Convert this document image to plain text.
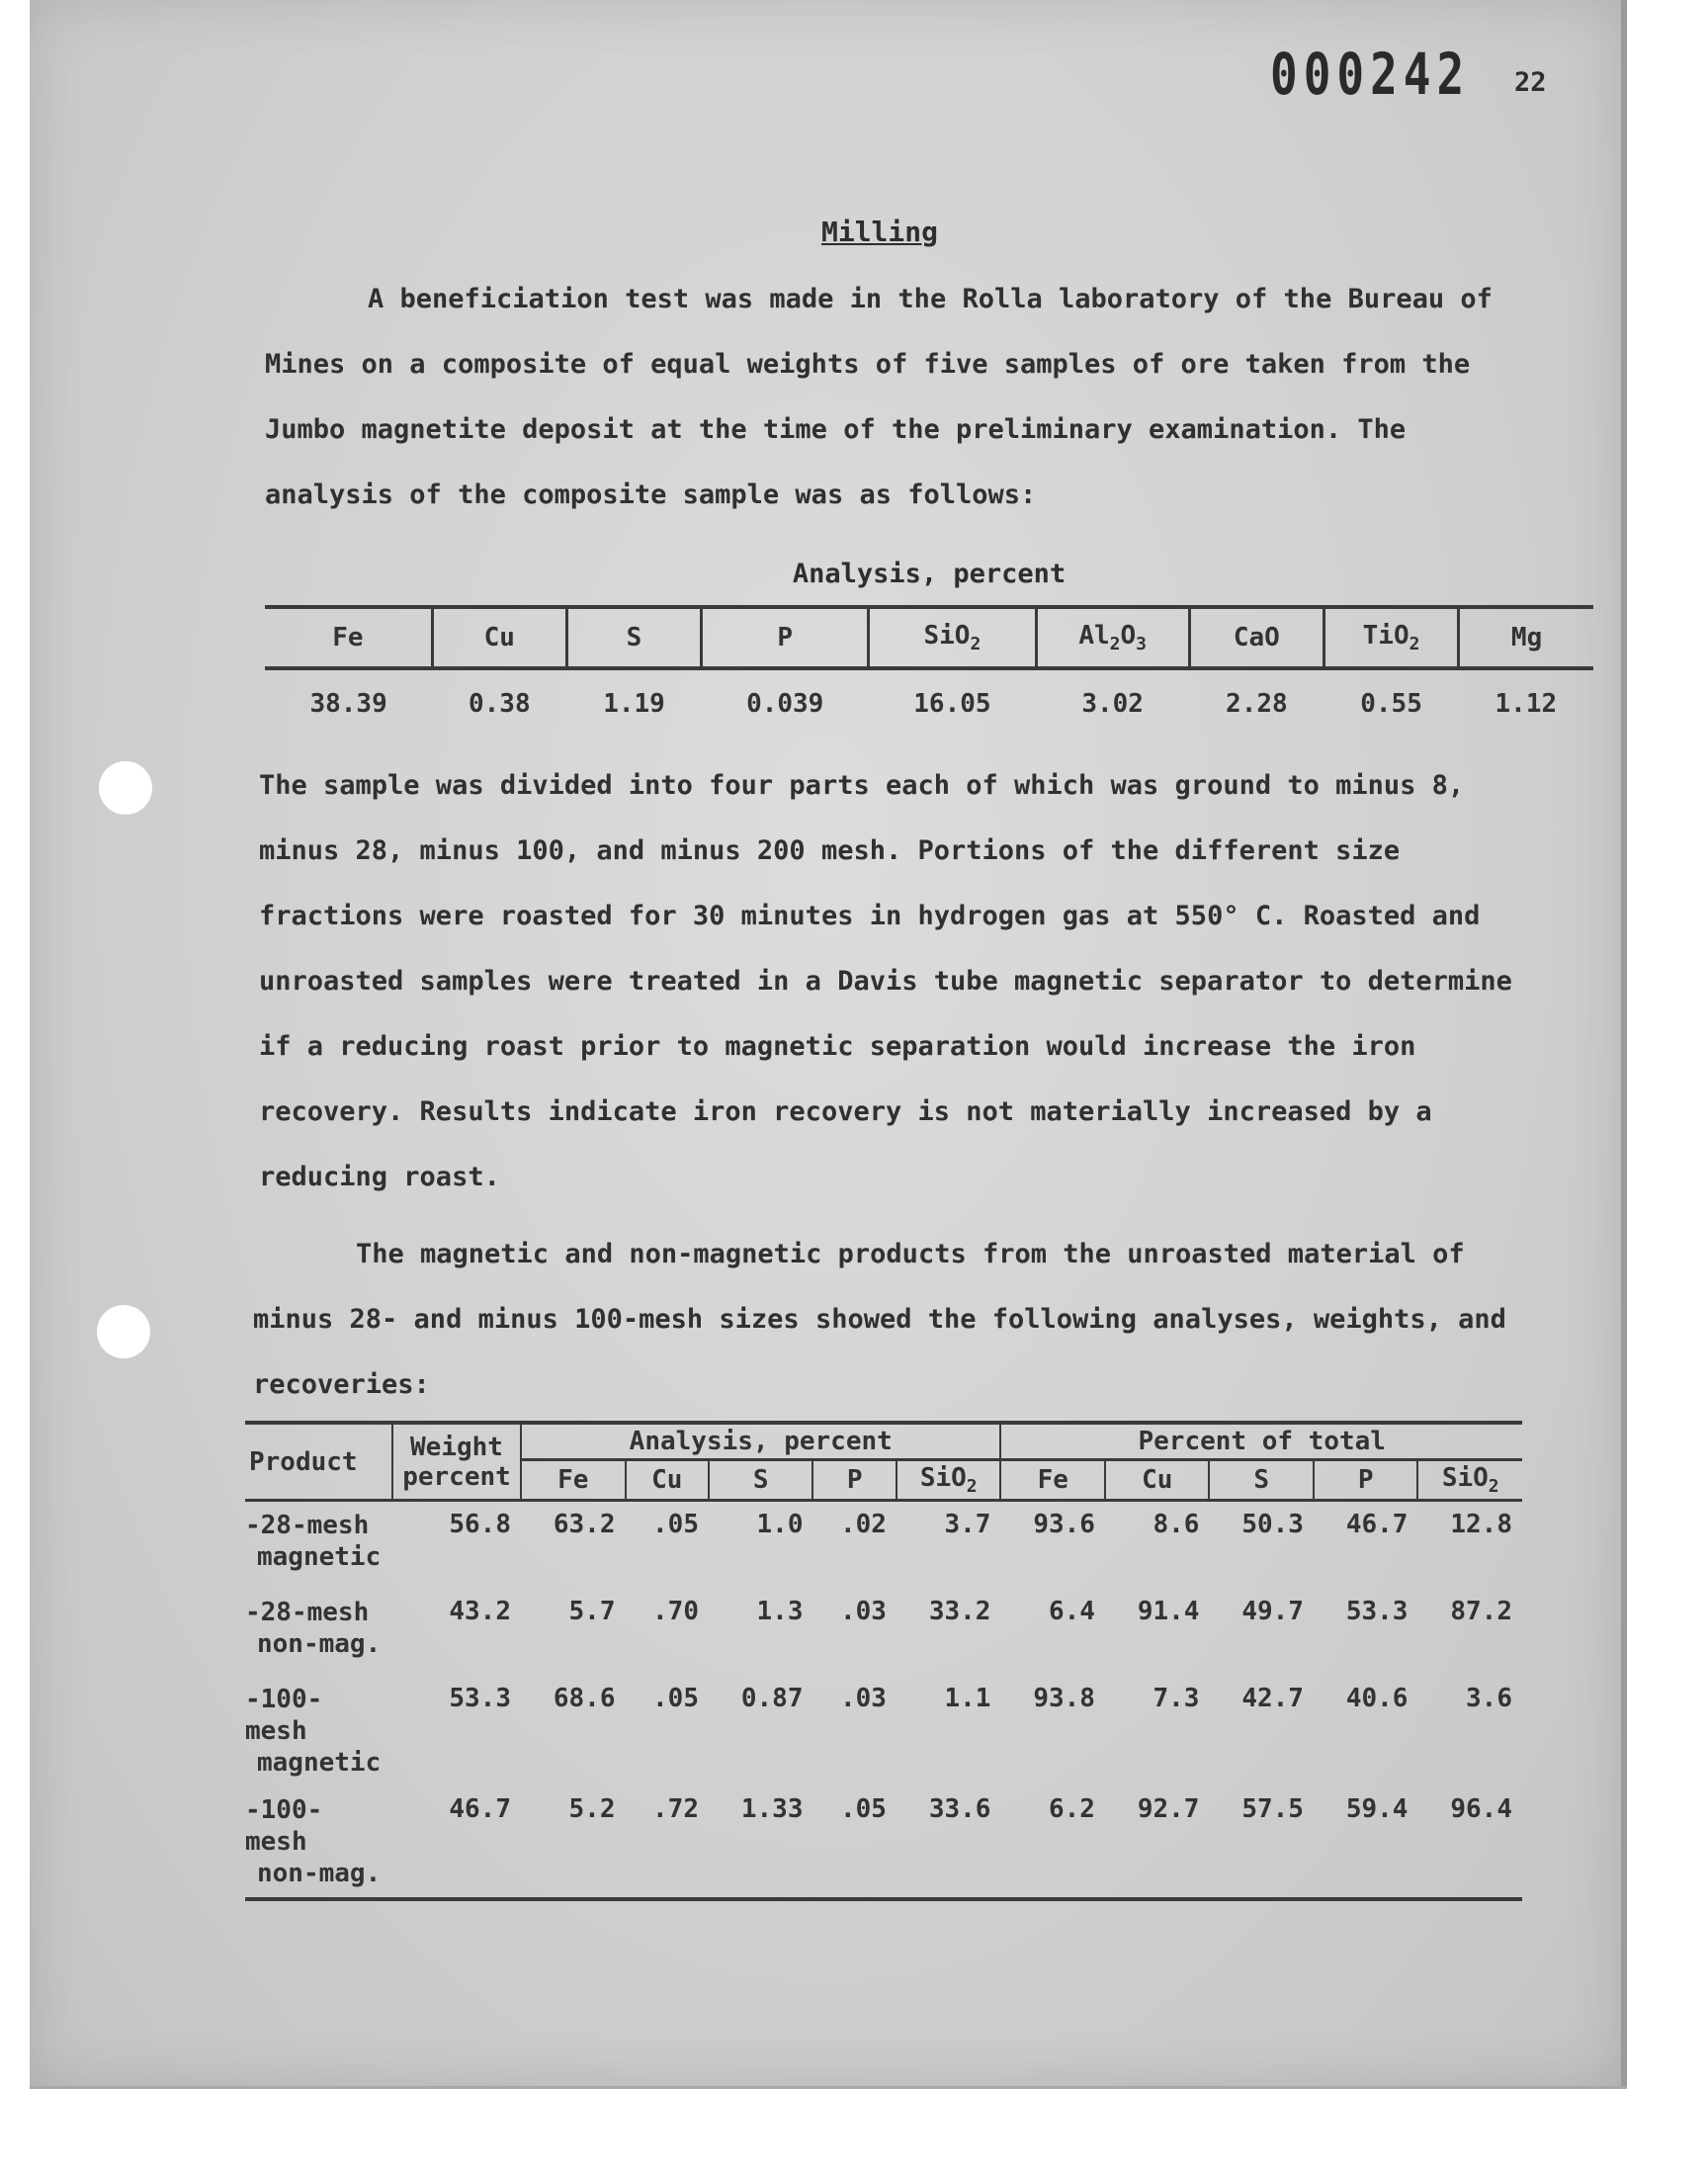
000242 22
Milling

A beneficiation test was made in the Rolla laboratory of the Bureau of Mines on a composite of equal weights of five samples of ore taken from the Jumbo magnetite deposit at the time of the preliminary examination. The analysis of the composite sample was as follows:

Analysis, percent
Fe	Cu	S	P	SiO$_2$	$Al_2O_3$	CaO	TiO$_2$	Mg
38.39	0.38	1.19	0.039	16.05	3.02	2.28	0.55	1.12

The sample was divided into four parts each of which was ground to minus 8, minus 28, minus 100, and minus 200 mesh. Portions of the different size fractions were roasted for 30 minutes in hydrogen gas at 550° C. Roasted and unroasted samples were treated in a Davis tube magnetic separator to determine if a reducing roast prior to magnetic separation would increase the iron recovery. Results indicate iron recovery is not materially increased by a reducing roast.

The magnetic and non-magnetic products from the unroasted material of minus 28- and minus 100-mesh sizes showed the following analyses, weights, and recoveries:

Product	Weight percent	Analysis, percent					Percent of total				
		Fe	Cu	S	P	SiO$_2$	Fe	Cu	S	P	SiO$_2$

-28-mesh
magnetic	56.8	63.2	.05	1.0	.02	3.7	93.6	8.6	50.3	46.7	12.8

-28-mesh
non-mag.	43.2	5.7	.70	1.3	.03	33.2	6.4	91.4	49.7	53.3	87.2

-100-mesh
magnetic	53.3	68.6	.05	0.87	.03	1.1	93.8	7.3	42.7	40.6	3.6

-100-mesh
non-mag.	46.7	5.2	.72	1.33	.05	33.6	6.2	92.7	57.5	59.4	96.4
